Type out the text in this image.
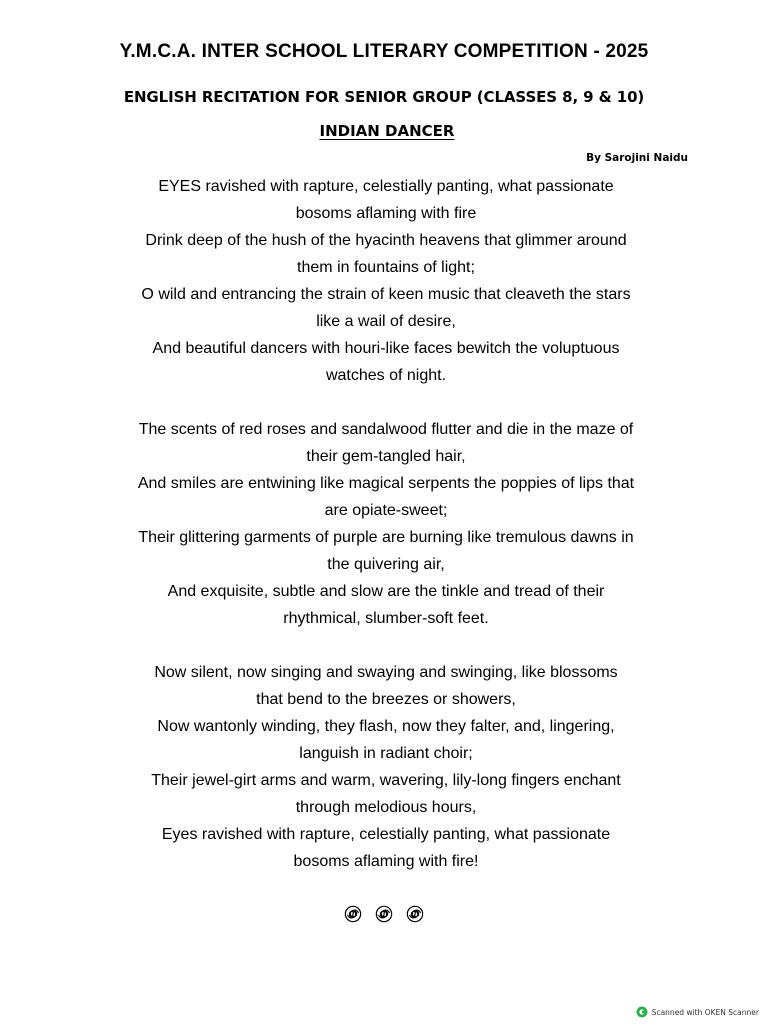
Y.M.C.A. INTER SCHOOL LITERARY COMPETITION - 2025
ENGLISH RECITATION FOR SENIOR GROUP (CLASSES 8, 9 & 10)
INDIAN DANCER
By Sarojini Naidu
EYES ravished with rapture, celestially panting, what passionate
bosoms aflaming with fire
Drink deep of the hush of the hyacinth heavens that glimmer around
them in fountains of light;
O wild and entrancing the strain of keen music that cleaveth the stars
like a wail of desire,
And beautiful dancers with houri-like faces bewitch the voluptuous
watches of night.
The scents of red roses and sandalwood flutter and die in the maze of
their gem-tangled hair,
And smiles are entwining like magical serpents the poppies of lips that
are opiate-sweet;
Their glittering garments of purple are burning like tremulous dawns in
the quivering air,
And exquisite, subtle and slow are the tinkle and tread of their
rhythmical, slumber-soft feet.
Now silent, now singing and swaying and swinging, like blossoms
that bend to the breezes or showers,
Now wantonly winding, they flash, now they falter, and, lingering,
languish in radiant choir;
Their jewel-girt arms and warm, wavering, lily-long fingers enchant
through melodious hours,
Eyes ravished with rapture, celestially panting, what passionate
bosoms aflaming with fire!

Scanned with OKEN Scanner
